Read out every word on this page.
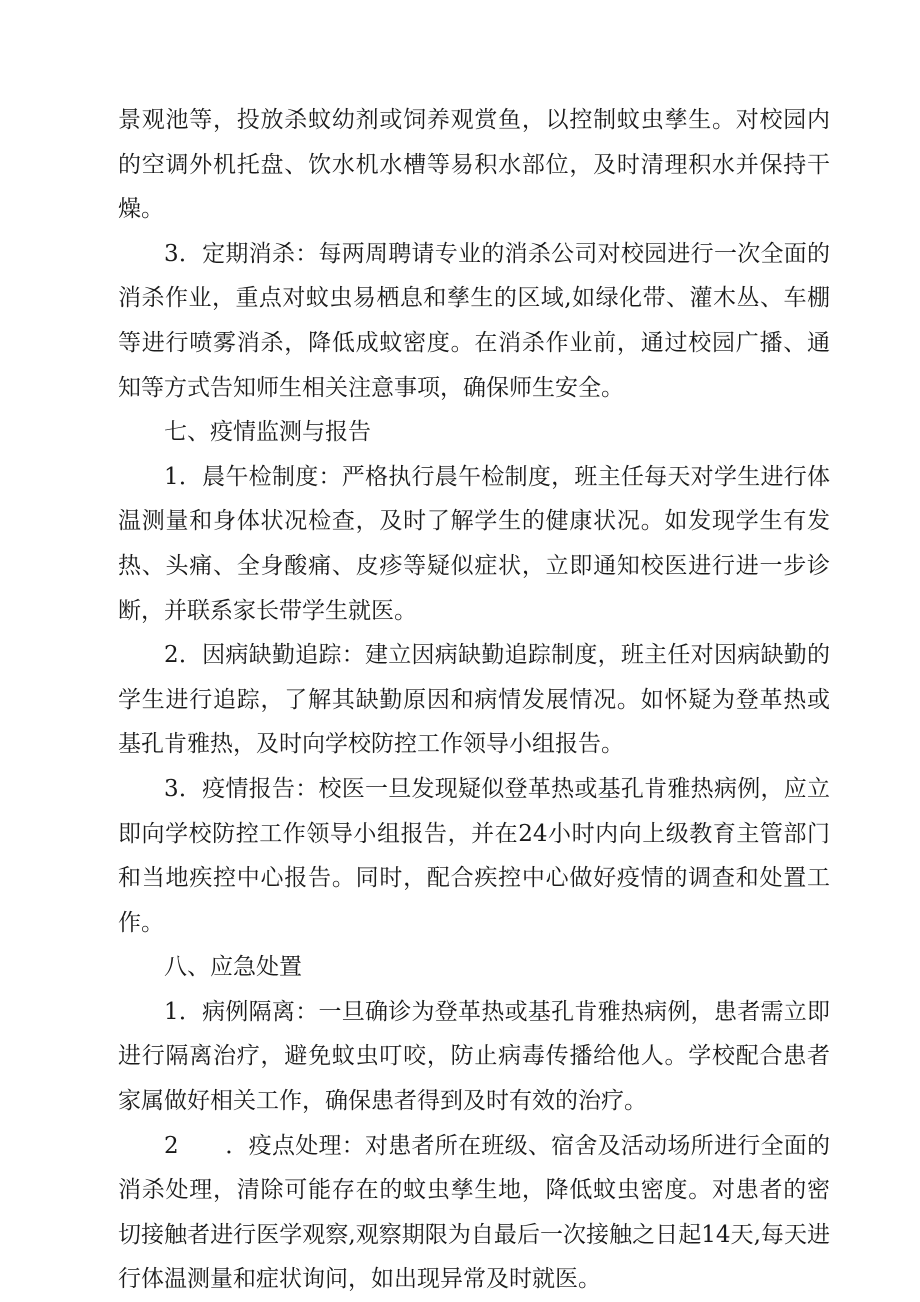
景观池等，投放杀蚊幼剂或饲养观赏鱼，以控制蚊虫孳生。对校园内的空调外机托盘、饮水机水槽等易积水部位，及时清理积水并保持干燥。

3．定期消杀：每两周聘请专业的消杀公司对校园进行一次全面的消杀作业，重点对蚊虫易栖息和孳生的区域,如绿化带、灌木丛、车棚等进行喷雾消杀，降低成蚊密度。在消杀作业前，通过校园广播、通知等方式告知师生相关注意事项，确保师生安全。

七、疫情监测与报告

1．晨午检制度：严格执行晨午检制度，班主任每天对学生进行体温测量和身体状况检查，及时了解学生的健康状况。如发现学生有发热、头痛、全身酸痛、皮疹等疑似症状，立即通知校医进行进一步诊断，并联系家长带学生就医。

2．因病缺勤追踪：建立因病缺勤追踪制度，班主任对因病缺勤的学生进行追踪，了解其缺勤原因和病情发展情况。如怀疑为登革热或基孔肯雅热，及时向学校防控工作领导小组报告。

3．疫情报告：校医一旦发现疑似登革热或基孔肯雅热病例，应立即向学校防控工作领导小组报告，并在24小时内向上级教育主管部门和当地疾控中心报告。同时，配合疾控中心做好疫情的调查和处置工作。

八、应急处置

1．病例隔离：一旦确诊为登革热或基孔肯雅热病例，患者需立即进行隔离治疗，避免蚊虫叮咬，防止病毒传播给他人。学校配合患者家属做好相关工作，确保患者得到及时有效的治疗。

2　　．疫点处理：对患者所在班级、宿舍及活动场所进行全面的消杀处理，清除可能存在的蚊虫孳生地，降低蚊虫密度。对患者的密切接触者进行医学观察,观察期限为自最后一次接触之日起14天,每天进行体温测量和症状询问，如出现异常及时就医。
